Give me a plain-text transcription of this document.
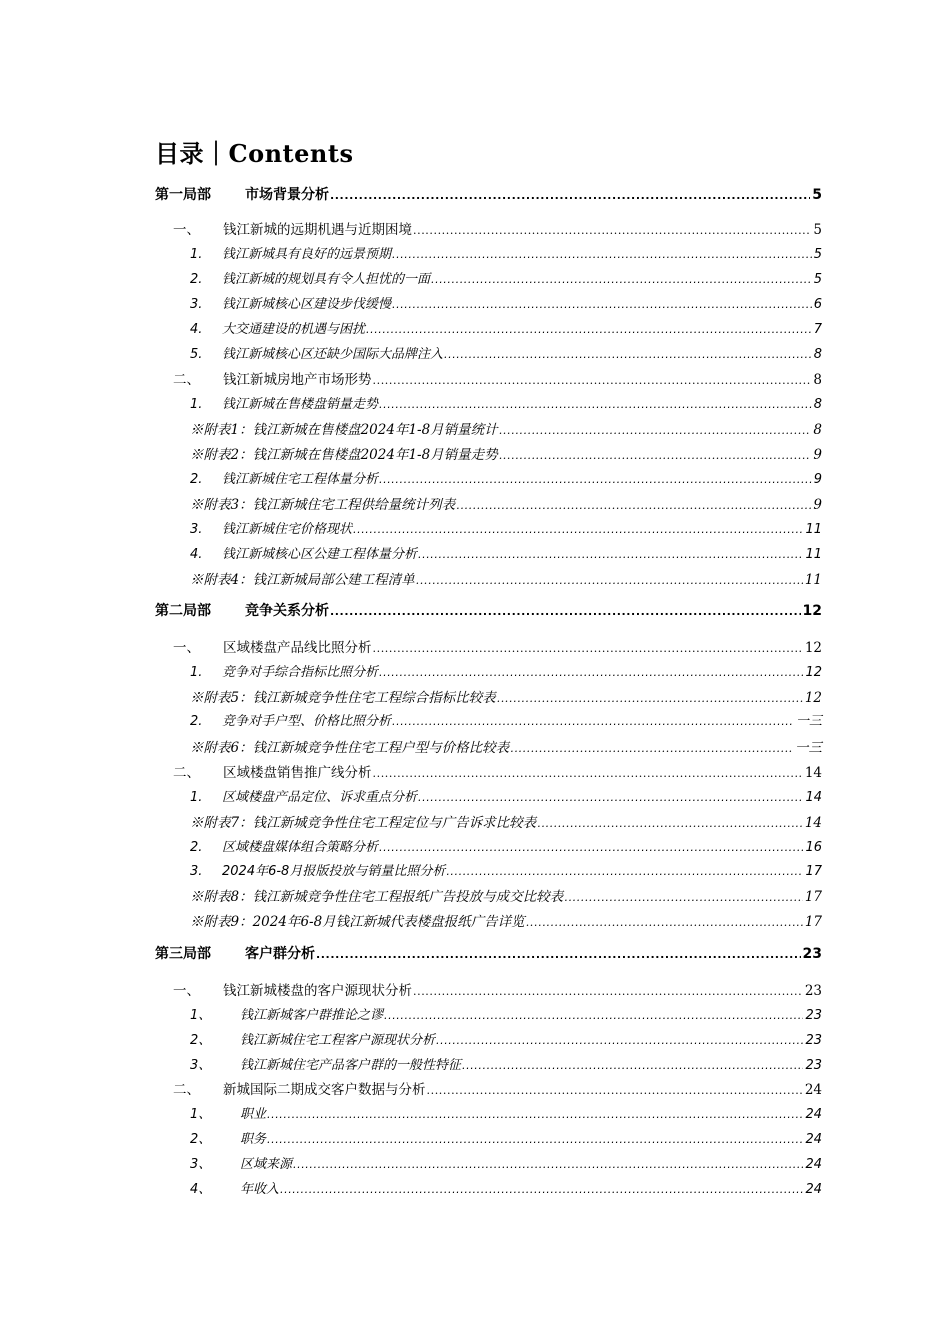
目录｜Contents
第一局部	市场背景分析 .....	5
一、	钱江新城的远期机遇与近期困境 .....	5
1.	钱江新城具有良好的远景预期 .....	5
2.	钱江新城的规划具有令人担忧的一面 .....	5
3.	钱江新城核心区建设步伐缓慢 .....	6
4.	大交通建设的机遇与困扰 .....	7
5.	钱江新城核心区还缺少国际大品牌注入 .....	8
二、	钱江新城房地产市场形势 .....	8
1.	钱江新城在售楼盘销量走势 .....	8
※附表1：钱江新城在售楼盘2024年1-8月销量统计 .....	8
※附表2：钱江新城在售楼盘2024年1-8月销量走势 .....	9
2.	钱江新城住宅工程体量分析 .....	9
※附表3：钱江新城住宅工程供给量统计列表 .....	9
3.	钱江新城住宅价格现状 .....	11
4.	钱江新城核心区公建工程体量分析 .....	11
※附表4：钱江新城局部公建工程清单 .....	11
第二局部	竞争关系分析 .....	12
一、	区域楼盘产品线比照分析 .....	12
1.	竞争对手综合指标比照分析 .....	12
※附表5：钱江新城竞争性住宅工程综合指标比较表 .....	12
2.	竞争对手户型、价格比照分析 .....	一三
※附表6：钱江新城竞争性住宅工程户型与价格比较表 .....	一三
二、	区域楼盘销售推广线分析 .....	14
1.	区域楼盘产品定位、诉求重点分析 .....	14
※附表7：钱江新城竞争性住宅工程定位与广告诉求比较表 .....	14
2.	区域楼盘媒体组合策略分析 .....	16
3.	2024年6-8月报版投放与销量比照分析 .....	17
※附表8：钱江新城竞争性住宅工程报纸广告投放与成交比较表 .....	17
※附表9：2024年6-8月钱江新城代表楼盘报纸广告详览 .....	17
第三局部	客户群分析 .....	23
一、	钱江新城楼盘的客户源现状分析 .....	23
1、	钱江新城客户群推论之谬 .....	23
2、	钱江新城住宅工程客户源现状分析 .....	23
3、	钱江新城住宅产品客户群的一般性特征 .....	23
二、	新城国际二期成交客户数据与分析 .....	24
1、	职业 .....	24
2、	职务 .....	24
3、	区域来源 .....	24
4、	年收入 .....	24
